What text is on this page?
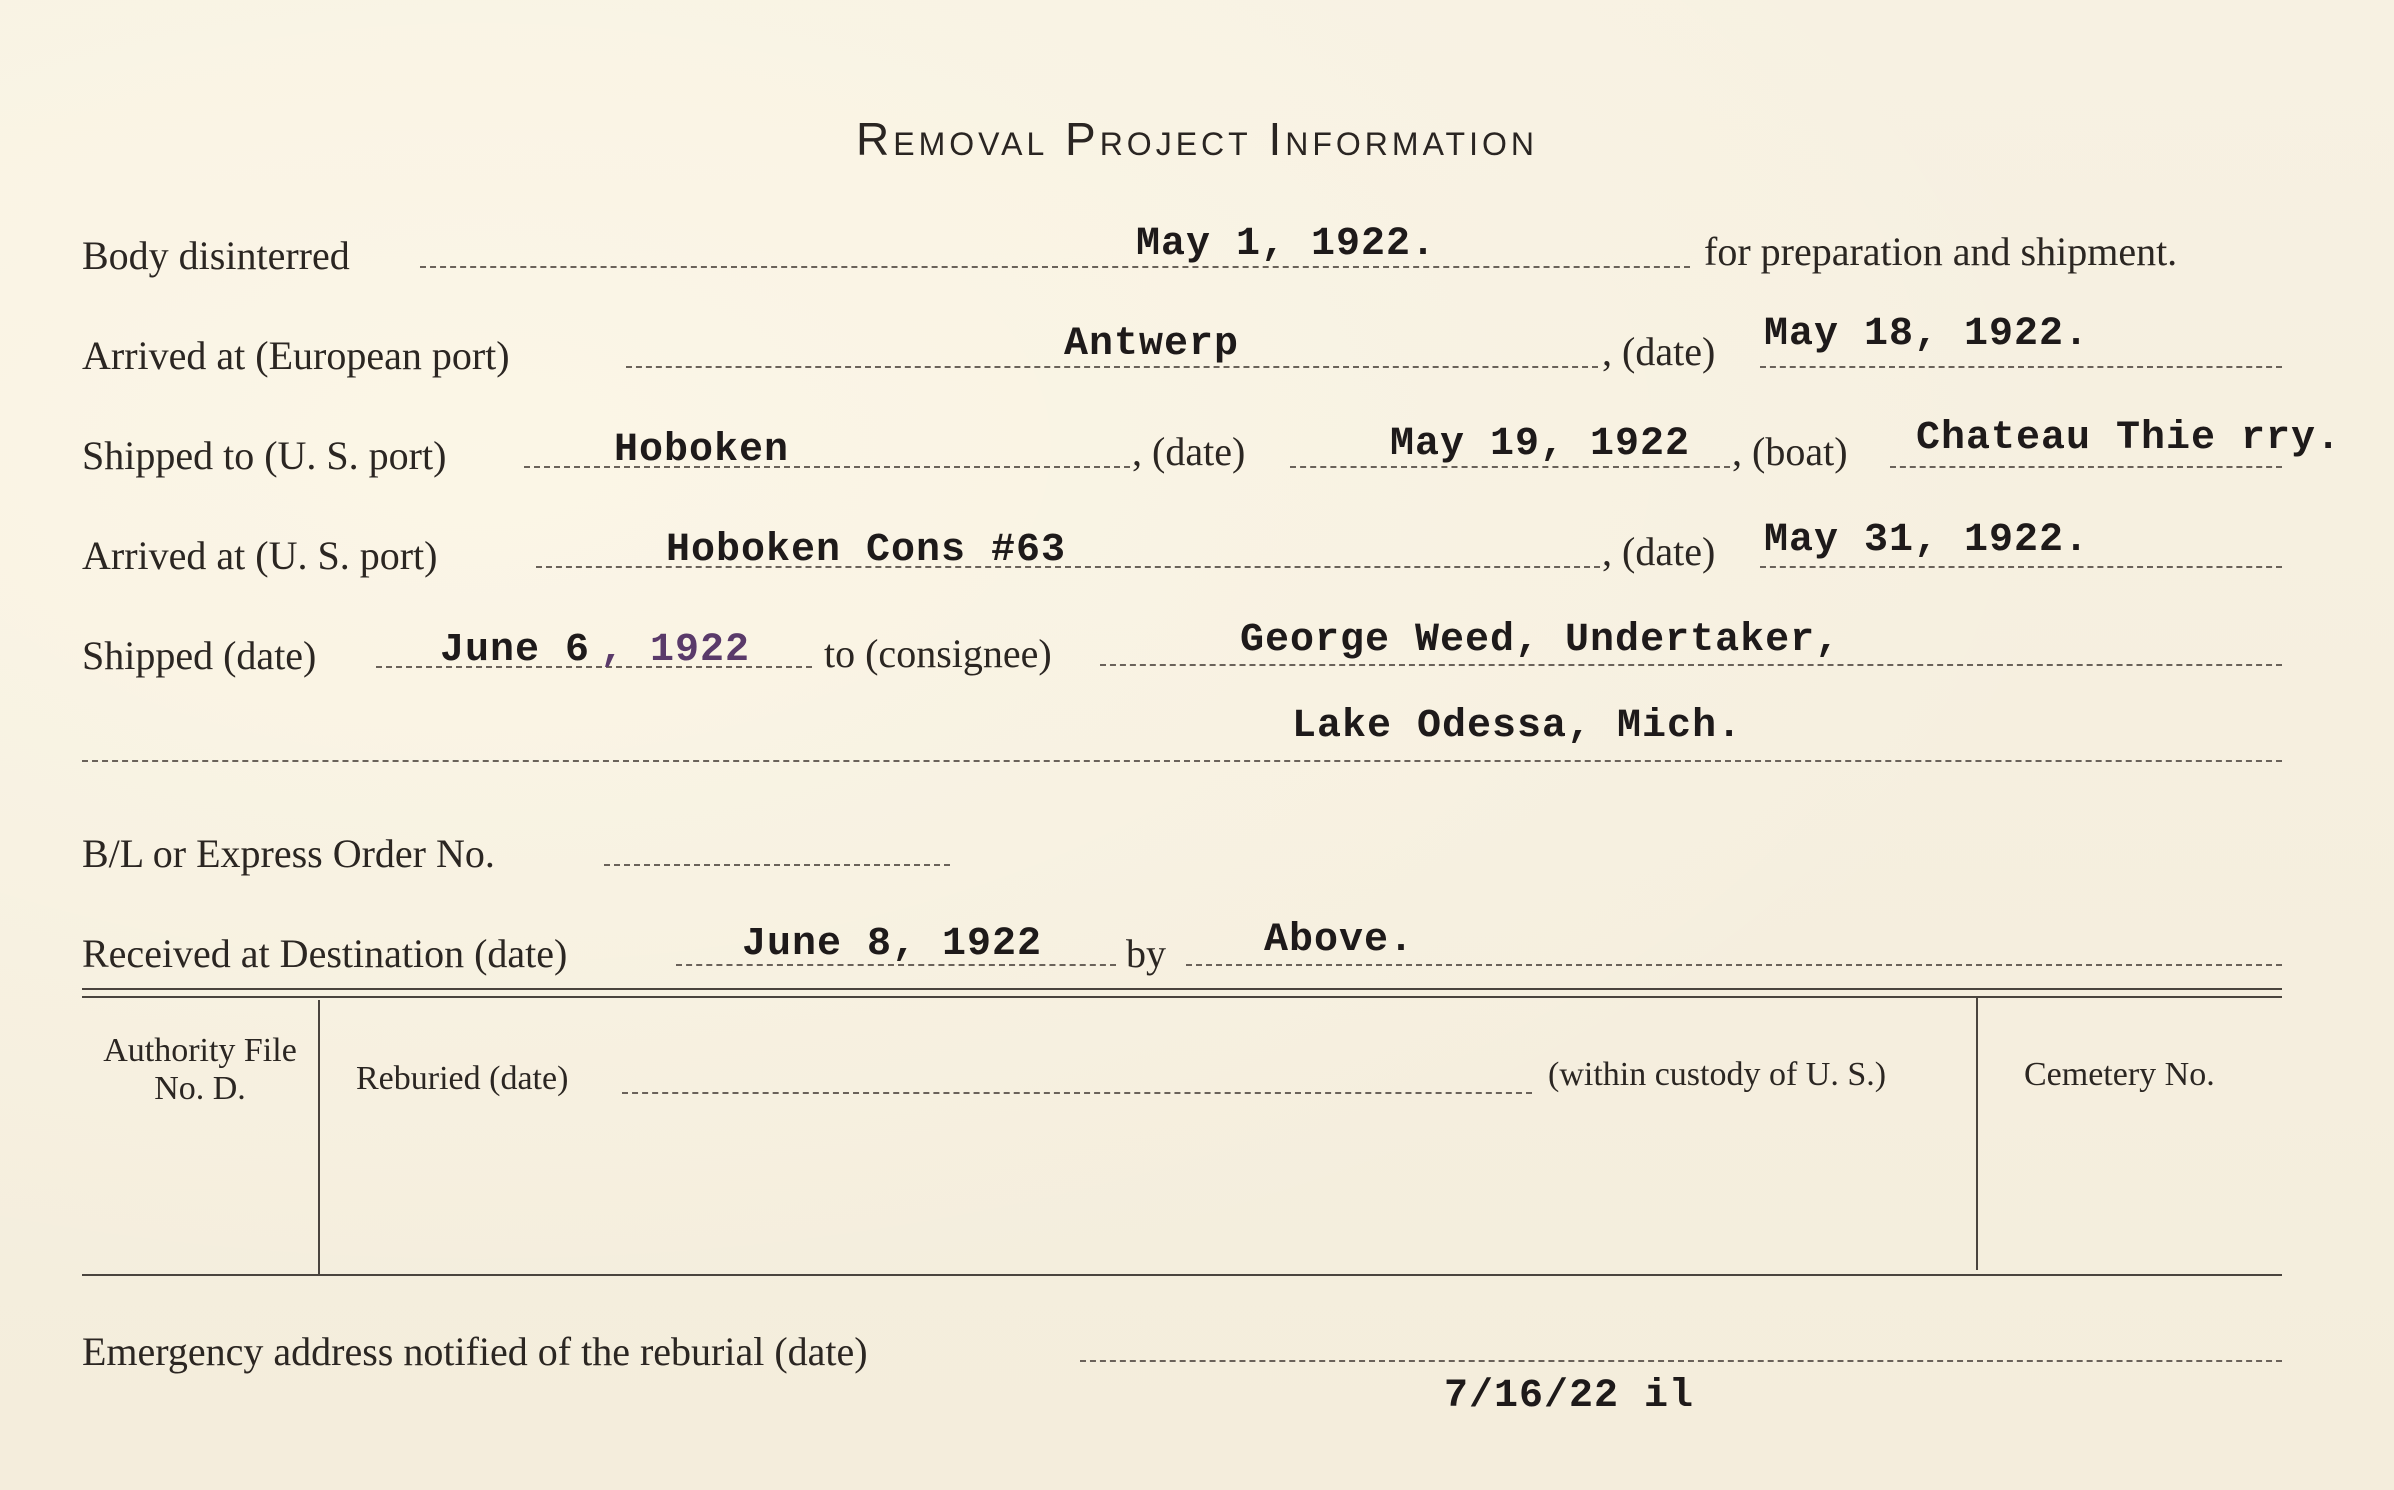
Removal Project Information
Body disinterred	May 1, 1922.	for preparation and shipment.
Arrived at (European port)	Antwerp	, (date) May 18, 1922.
Shipped to (U. S. port)	Hoboken	, (date)	May 19, 1922 , (boat) Chateau Thie rry.
Arrived at (U. S. port)	Hoboken Cons #63	, (date) May 31, 1922.
Shipped (date)	June 6 , 1922 to (consignee)	George Weed, Undertaker,
Lake Odessa, Mich.
B/L or Express Order No.
Received at Destination (date)	June 8, 1922 by Above.
Authority File No. D.	Reburied (date)	(within custody of U. S.)	Cemetery No.
Emergency address notified of the reburial (date)
7/16/22 il
